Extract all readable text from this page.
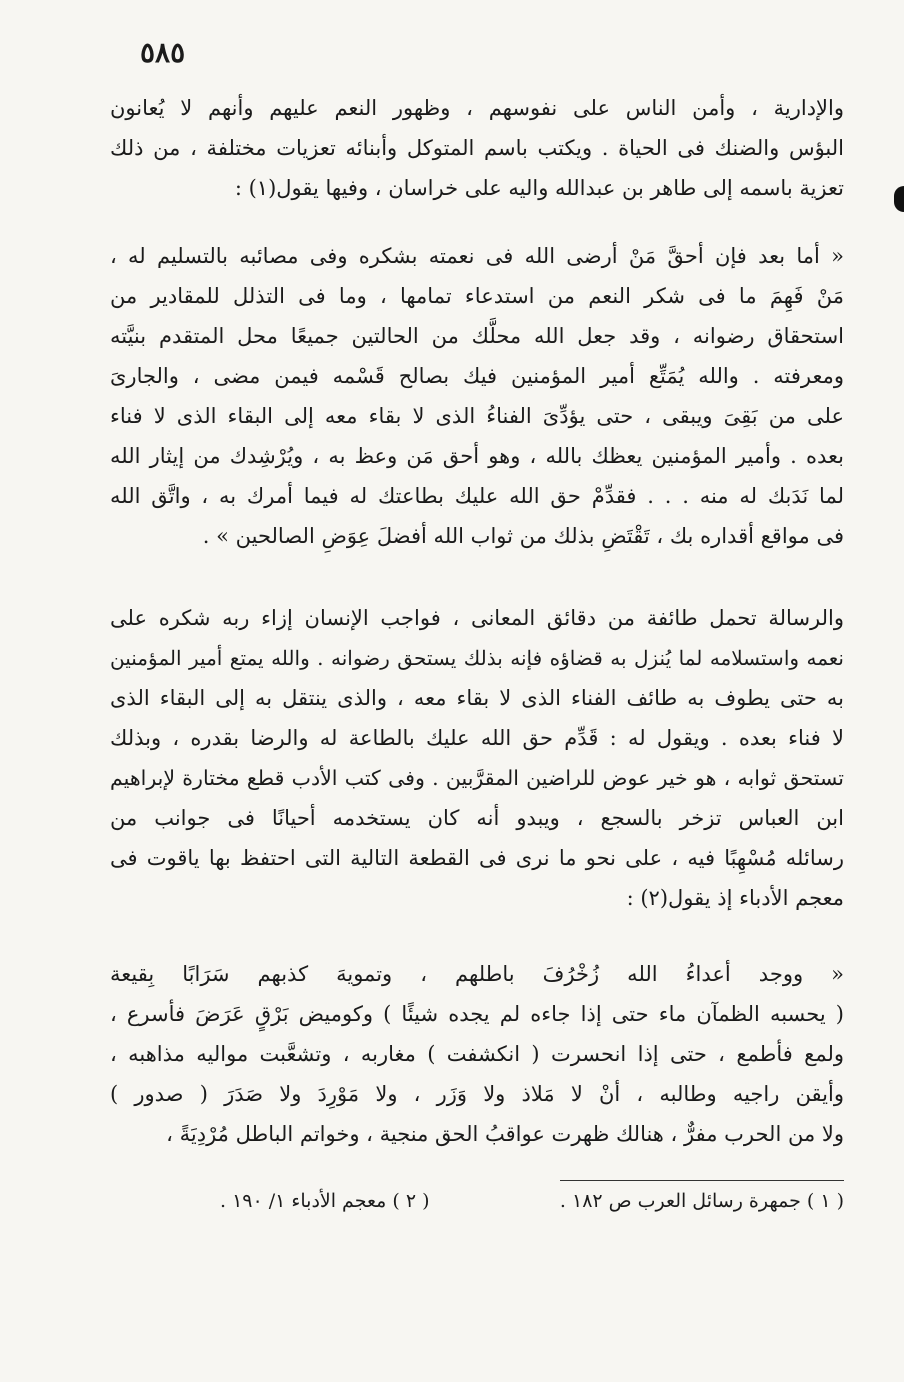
٥٨٥
والإدارية ، وأمن الناس على نفوسهم ، وظهور النعم عليهم وأنهم لا يُعانون
البؤس والضنك فى الحياة . ويكتب باسم المتوكل وأبنائه تعزيات مختلفة ، من ذلك
تعزية باسمه إلى طاهر بن عبدالله واليه على خراسان ، وفيها يقول(١) :
« أما بعد فإن أحقَّ مَنْ أرضى الله فى نعمته بشكره وفى مصائبه بالتسليم له ،
مَنْ فَهِمَ ما فى شكر النعم من استدعاء تمامها ، وما فى التذلل للمقادير من
استحقاق رضوانه ، وقد جعل الله محلَّك من الحالتين جميعًا محل المتقدم بنيَّته
ومعرفته . والله يُمَتِّع أمير المؤمنين فيك بصالح قَسْمه فيمن مضى ، والجارىَ
على من بَقِىَ ويبقى ، حتى يؤدِّىَ الفناءُ الذى لا بقاء معه إلى البقاء الذى لا فناء
بعده . وأمير المؤمنين يعظك بالله ، وهو أحق مَن وعظ به ، ويُرْشِدك من إيثار الله
لما نَدَبك له منه . . . فقدِّمْ حق الله عليك بطاعتك له فيما أمرك به ، واتَّق الله
فى مواقع أقداره بك ، تَقْتَضِ بذلك من ثواب الله أفضلَ عِوَضِ الصالحين » .
والرسالة تحمل طائفة من دقائق المعانى ، فواجب الإنسان إزاء ربه شكره على
نعمه واستسلامه لما يُنزل به قضاؤه فإنه بذلك يستحق رضوانه . والله يمتع أمير المؤمنين
به حتى يطوف به طائف الفناء الذى لا بقاء معه ، والذى ينتقل به إلى البقاء الذى
لا فناء بعده . ويقول له : قَدِّم حق الله عليك بالطاعة له والرضا بقدره ، وبذلك
تستحق ثوابه ، هو خير عوض للراضين المقرَّبين . وفى كتب الأدب قطع مختارة لإبراهيم
ابن العباس تزخر بالسجع ، ويبدو أنه كان يستخدمه أحيانًا فى جوانب من
رسائله مُسْهِبًا فيه ، على نحو ما نرى فى القطعة التالية التى احتفظ بها ياقوت فى
معجم الأدباء إذ يقول(٢) :
« ووجد أعداءُ الله زُخْرُفَ باطلهم ، وتمويهَ كذبهم سَرَابًا بِقيعة
( يحسبه الظمآن ماء حتى إذا جاءه لم يجده شيئًا ) وكوميض بَرْقٍ عَرَضَ فأسرع ،
ولمع فأطمع ، حتى إذا انحسرت ( انكشفت ) مغاربه ، وتشعَّبت مواليه مذاهبه ،
وأيقن راجيه وطالبه ، أنْ لا مَلاذ ولا وَزَر ، ولا مَوْرِدَ ولا صَدَرَ ( صدور )
ولا من الحرب مفرٌّ ، هنالك ظهرت عواقبُ الحق منجية ، وخواتم الباطل مُرْدِيَةً ،
( ١ ) جمهرة رسائل العرب ص ١٨٢ .
( ٢ ) معجم الأدباء ١/ ١٩٠ .
